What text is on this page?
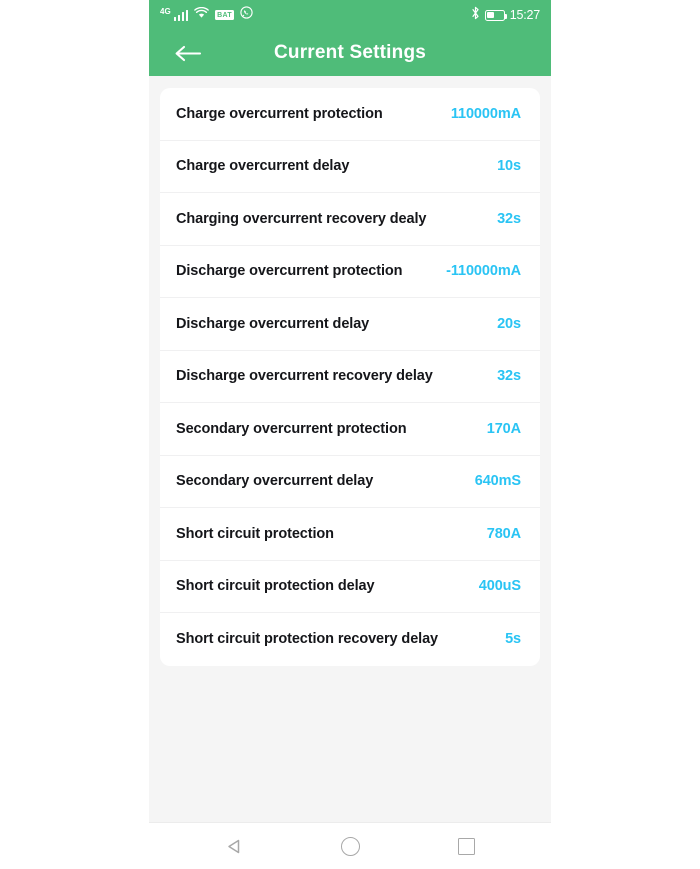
4G	BAT	15:27
Current Settings
Charge overcurrent protection	110000mA
Charge overcurrent delay	10s
Charging overcurrent recovery dealy	32s
Discharge overcurrent protection	-110000mA
Discharge overcurrent delay	20s
Discharge overcurrent recovery delay	32s
Secondary overcurrent protection	170A
Secondary overcurrent delay	640mS
Short circuit protection	780A
Short circuit protection delay	400uS
Short circuit protection recovery delay	5s
